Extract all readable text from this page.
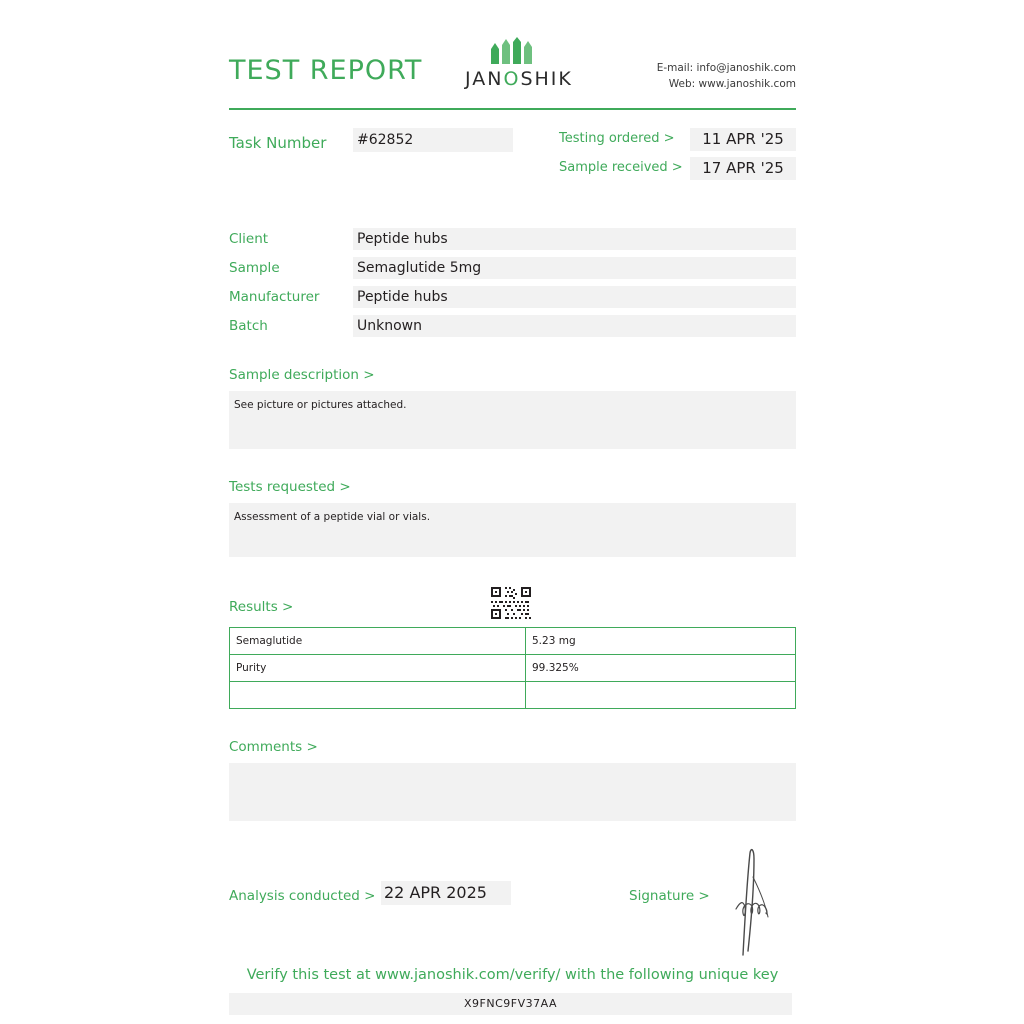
TEST REPORT JANOSHIK	E-mail: info@janoshik.com
Web: www.janoshik.com
Task Number #62852	Testing ordered >	11 APR '25
Sample received >	17 APR '25
Client	Peptide hubs
Sample	Semaglutide 5mg
Manufacturer	Peptide hubs
Batch	Unknown
Sample description >
See picture or pictures attached.
Tests requested >
Assessment of a peptide vial or vials.
Results >
Semaglutide	5.23 mg
Purity	99.325%

Comments >
Analysis conducted > 22 APR 2025	Signature >
Verify this test at www.janoshik.com/verify/ with the following unique key
X9FNC9FV37AA
